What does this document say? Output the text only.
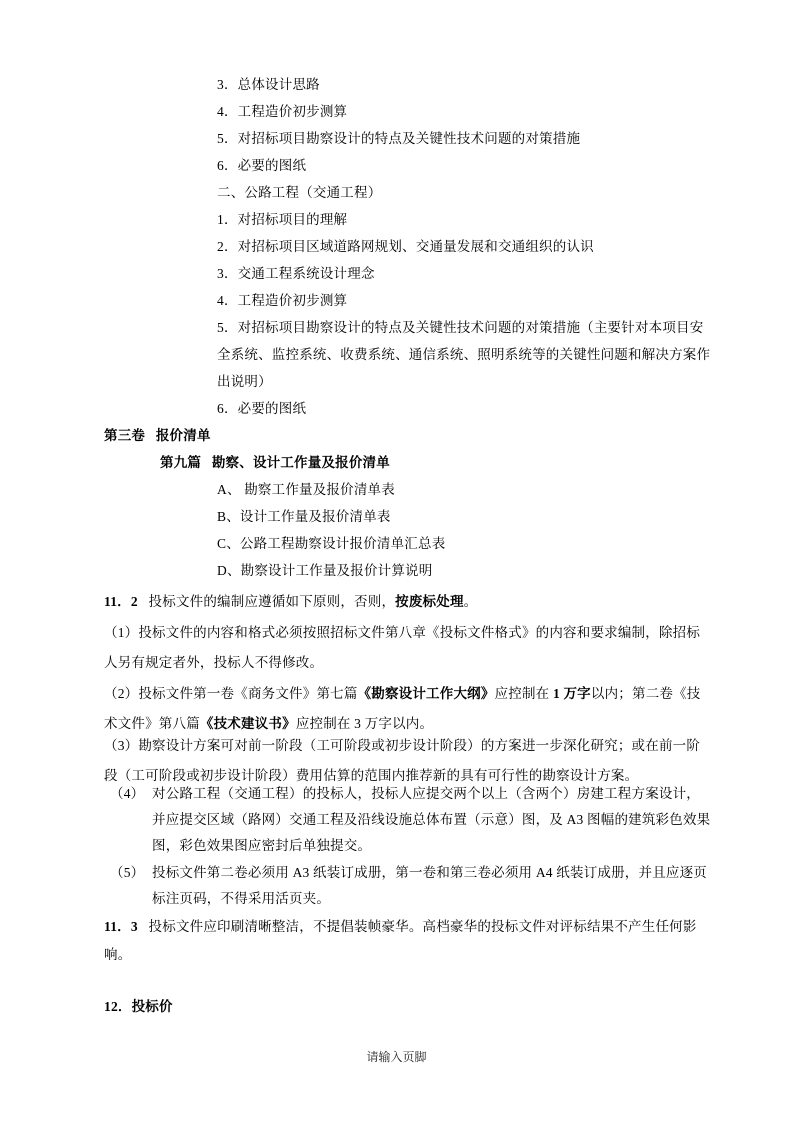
3．总体设计思路
4．工程造价初步测算
5．对招标项目勘察设计的特点及关键性技术问题的对策措施
6．必要的图纸
二、公路工程（交通工程）
1．对招标项目的理解
2．对招标项目区域道路网规划、交通量发展和交通组织的认识
3．交通工程系统设计理念
4．工程造价初步测算
5．对招标项目勘察设计的特点及关键性技术问题的对策措施（主要针对本项目安
全系统、监控系统、收费系统、通信系统、照明系统等的关键性问题和解决方案作
出说明）
6．必要的图纸
第三卷 报价清单
第九篇 勘察、设计工作量及报价清单
A、 勘察工作量及报价清单表
B、设计工作量及报价清单表
C、公路工程勘察设计报价清单汇总表
D、勘察设计工作量及报价计算说明
11．2 投标文件的编制应遵循如下原则，否则，按废标处理。
（1）投标文件的内容和格式必须按照招标文件第八章《投标文件格式》的内容和要求编制，除招标
人另有规定者外，投标人不得修改。
（2）投标文件第一卷《商务文件》第七篇《勘察设计工作大纲》应控制在 1 万字以内；第二卷《技
术文件》第八篇《技术建议书》应控制在 3 万字以内。
（3）勘察设计方案可对前一阶段（工可阶段或初步设计阶段）的方案进一步深化研究；或在前一阶
段（工可阶段或初步设计阶段）费用估算的范围内推荐新的具有可行性的勘察设计方案。
（4） 对公路工程（交通工程）的投标人，投标人应提交两个以上（含两个）房建工程方案设计，
并应提交区域（路网）交通工程及沿线设施总体布置（示意）图，及 A3 图幅的建筑彩色效果
图，彩色效果图应密封后单独提交。
（5） 投标文件第二卷必须用 A3 纸装订成册，第一卷和第三卷必须用 A4 纸装订成册，并且应逐页
标注页码，不得采用活页夹。
11．3 投标文件应印刷清晰整洁，不提倡装帧豪华。高档豪华的投标文件对评标结果不产生任何影
响。
12．投标价
请输入页脚
